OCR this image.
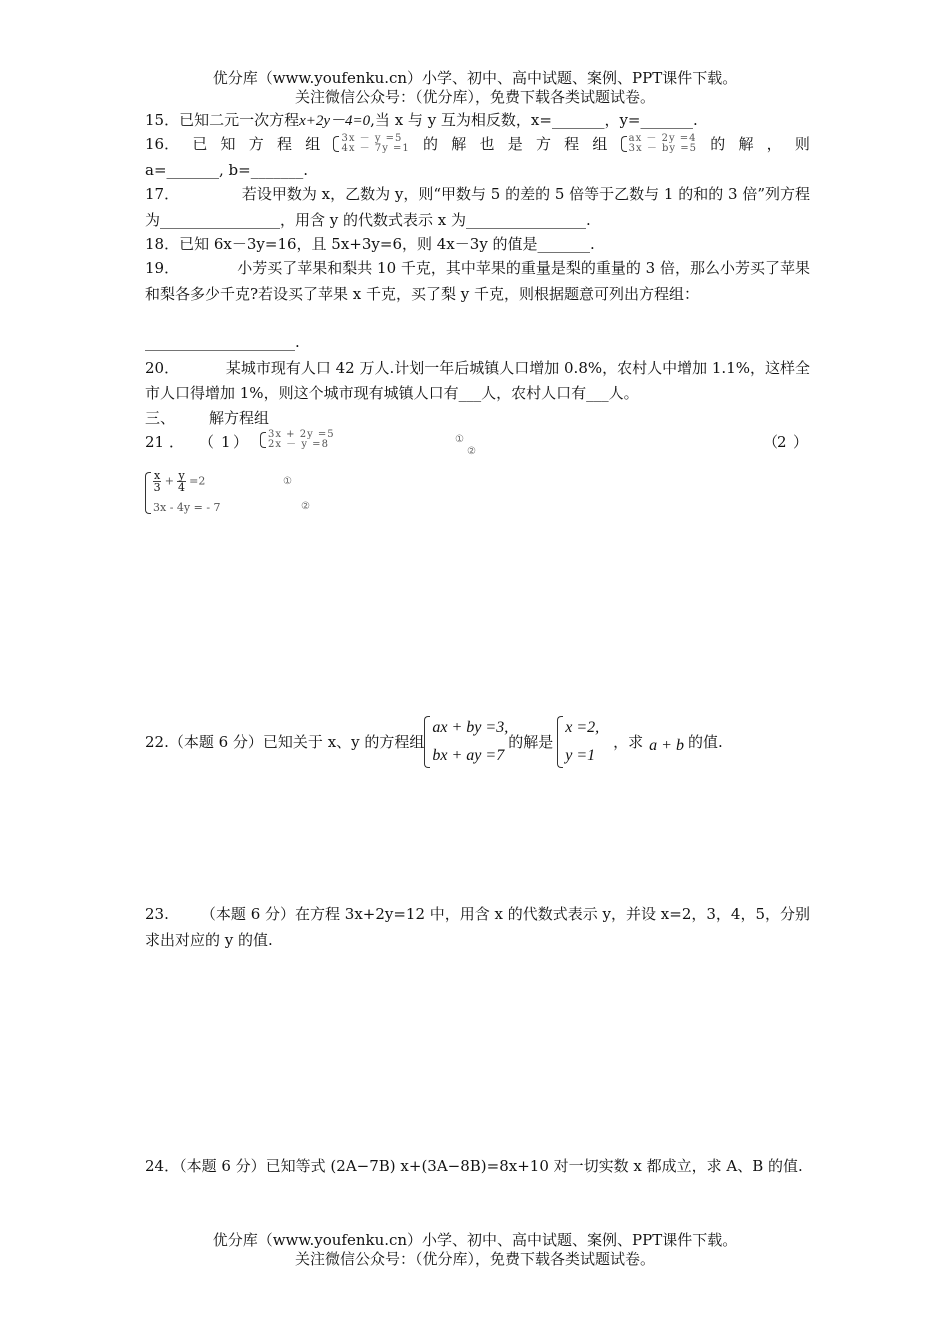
优分库（www.youfenku.cn）小学、初中、高中试题、案例、PPT课件下载。
关注微信公众号：（优分库），免费下载各类试题试卷。
15．已知二元一次方程x+2y－4=0,当 x 与 y 互为相反数，x=_______，y=_______.
16． 已 知 方 程 组 3x － y =5
4x － 7y =1 的 解 也 是 方 程 组 ax － 2y =4
3x － by =5 的 解 ， 则
a=_______, b=_______.
17．	若设甲数为 x，乙数为 y，则“甲数与 5 的差的 5 倍等于乙数与 1 的和的 3 倍”列方程
为________________，用含 y 的代数式表示 x 为________________.
18．已知 6x－3y=16，且 5x+3y=6，则 4x－3y 的值是_______.
19．	小芳买了苹果和梨共 10 千克，其中苹果的重量是梨的重量的 3 倍，那么小芳买了苹果
和梨各多少千克?若设买了苹果 x 千克，买了梨 y 千克，则根据题意可列出方程组：
____________________.
20．	某城市现有人口 42 万人.计划一年后城镇人口增加 0.8%，农村人中增加 1.1%，这样全
市人口得增加 1%，则这个城市现有城镇人口有___人，农村人口有___人。
三、 解方程组
21 ． （ 1 ） 3x + 2y =5
2x － y =8	①
②
（
2 ）
$\frac{x}{3} + \frac{y}{4} =2$
3x - 4y = - 7
①
②
22.（本题 6 分）已知关于 x、y 的方程组
ax + by =3,
bx + ay =7
的解是
x =2,
y =1
，求 a + b 的值.
23. （本题 6 分）在方程 3x+2y=12 中，用含 x 的代数式表示 y，并设 x=2，3，4，5，分别
求出对应的 y 的值.
24．（本题 6 分）已知等式 (2A−7B) x+(3A−8B)=8x+10 对一切实数 x 都成立，求 A、B 的值.
优分库（www.youfenku.cn）小学、初中、高中试题、案例、PPT课件下载。
关注微信公众号：（优分库），免费下载各类试题试卷。
